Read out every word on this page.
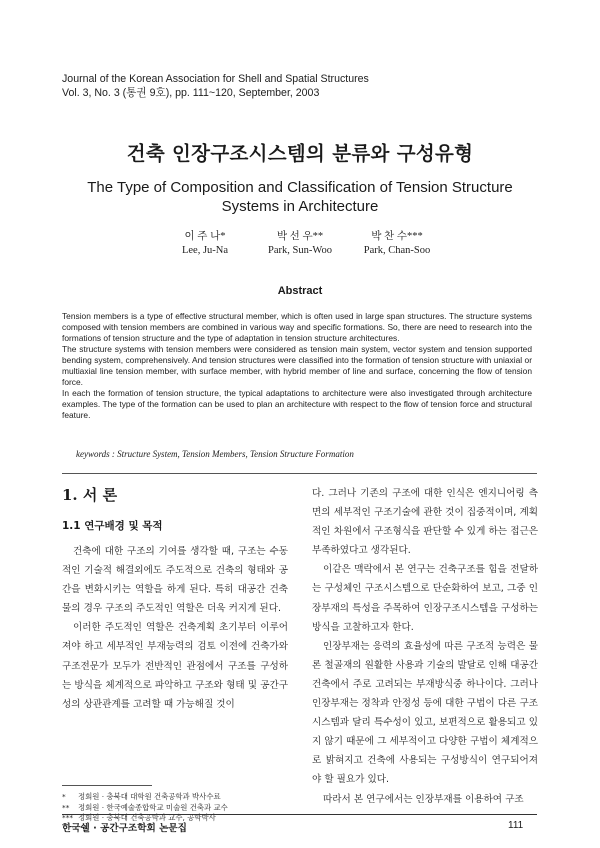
Journal of the Korean Association for Shell and Spatial Structures
Vol. 3, No. 3 (통권 9호), pp. 111~120, September, 2003
건축 인장구조시스템의 분류와 구성유형
The Type of Composition and Classification of Tension Structure
Systems in Architecture
이 주 나*
Lee, Ju-Na
박 선 우**
Park, Sun-Woo
박 찬 수***
Park, Chan-Soo
Abstract

Tension members is a type of effective structural member, which is often used in large span structures. The structure systems composed with tension members are combined in various way and specific formations. So, there are need to research into the formations of tension structure and the type of adaptation in tension structure architectures.

The structure systems with tension members were considered as tension main system, vector system and tension supported bending system, comprehensively. And tension structures were classified into the formation of tension structure with uniaxial or multiaxial line tension member, with surface member, with hybrid member of line and surface, concerning the flow of tension force.

In each the formation of tension structure, the typical adaptations to architecture were also investigated through architecture examples. The type of the formation can be used to plan an architecture with respect to the flow of tension force and structural feature.

keywords : Structure System, Tension Members, Tension Structure Formation
1. 서 론
1.1 연구배경 및 목적

건축에 대한 구조의 기여를 생각할 때, 구조는 수동적인 기술적 해결외에도 주도적으로 건축의 형태와 공간을 변화시키는 역할을 하게 된다. 특히 대공간 건축물의 경우 구조의 주도적인 역할은 더욱 커지게 된다.

이러한 주도적인 역할은 건축계획 초기부터 이루어져야 하고 세부적인 부재능력의 검토 이전에 건축가와 구조전문가 모두가 전반적인 관점에서 구조를 구성하는 방식을 체계적으로 파악하고 구조와 형태 및 공간구성의 상관관계를 고려할 때 가능해질 것이

다. 그러나 기존의 구조에 대한 인식은 엔지니어링 측면의 세부적인 구조기술에 관한 것이 집중적이며, 계획적인 차원에서 구조형식을 판단할 수 있게 하는 접근은 부족하였다고 생각된다.

이같은 맥락에서 본 연구는 건축구조를 힘을 전달하는 구성체인 구조시스템으로 단순화하여 보고, 그중 인장부재의 특성을 주목하여 인장구조시스템을 구성하는 방식을 고찰하고자 한다.

인장부재는 응력의 효율성에 따른 구조적 능력은 물론 철골재의 원활한 사용과 기술의 발달로 인해 대공간 건축에서 주로 고려되는 부재방식중 하나이다. 그러나 인장부재는 정착과 안정성 등에 대한 구법이 다른 구조시스템과 달리 특수성이 있고, 보편적으로 활용되고 있지 않기 때문에 그 세부적이고 다양한 구법이 체계적으로 밝혀지고 건축에 사용되는 구성방식이 연구되어져야 할 필요가 있다.

따라서 본 연구에서는 인장부재를 이용하여 구조

* 정회원 · 충북대 대학원 건축공학과 박사수료
** 정회원 · 한국예술종합학교 미술원 건축과 교수
*** 정회원 · 충북대 건축공학과 교수, 공학박사
한국쉘 · 공간구조학회 논문집	111
